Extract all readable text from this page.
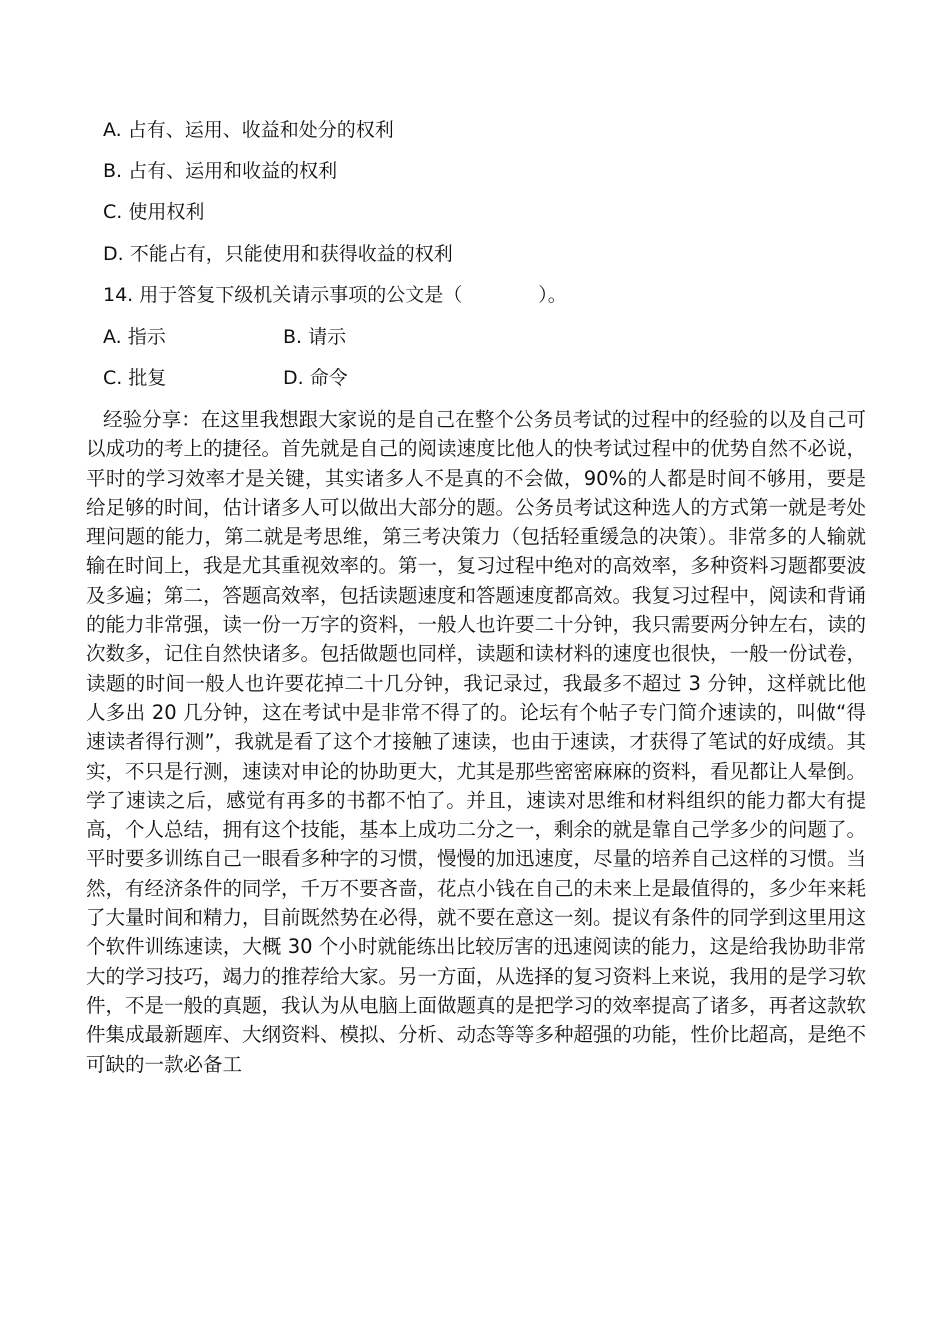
A. 占有、运用、收益和处分的权利
B. 占有、运用和收益的权利
C. 使用权利
D. 不能占有，只能使用和获得收益的权利
14. 用于答复下级机关请示事项的公文是（　　　　）。
A. 指示	B. 请示
C. 批复	D. 命令

经验分享：在这里我想跟大家说的是自己在整个公务员考试的过程中的经验的以及自己可以成功的考上的捷径。首先就是自己的阅读速度比他人的快考试过程中的优势自然不必说，平时的学习效率才是关键，其实诸多人不是真的不会做，90%的人都是时间不够用，要是给足够的时间，估计诸多人可以做出大部分的题。公务员考试这种选人的方式第一就是考处理问题的能力，第二就是考思维，第三考决策力（包括轻重缓急的决策）。非常多的人输就输在时间上，我是尤其重视效率的。第一，复习过程中绝对的高效率，多种资料习题都要波及多遍；第二，答题高效率，包括读题速度和答题速度都高效。我复习过程中，阅读和背诵的能力非常强，读一份一万字的资料，一般人也许要二十分钟，我只需要两分钟左右，读的次数多，记住自然快诸多。包括做题也同样，读题和读材料的速度也很快，一般一份试卷，读题的时间一般人也许要花掉二十几分钟，我记录过，我最多不超过 3 分钟，这样就比他人多出 20 几分钟，这在考试中是非常不得了的。论坛有个帖子专门简介速读的，叫做“得速读者得行测”，我就是看了这个才接触了速读，也由于速读，才获得了笔试的好成绩。其实，不只是行测，速读对申论的协助更大，尤其是那些密密麻麻的资料，看见都让人晕倒。学了速读之后，感觉有再多的书都不怕了。并且，速读对思维和材料组织的能力都大有提高，个人总结，拥有这个技能，基本上成功二分之一，剩余的就是靠自己学多少的问题了。平时要多训练自己一眼看多种字的习惯，慢慢的加迅速度，尽量的培养自己这样的习惯。当然，有经济条件的同学，千万不要吝啬，花点小钱在自己的未来上是最值得的，多少年来耗了大量时间和精力，目前既然势在必得，就不要在意这一刻。提议有条件的同学到这里用这个软件训练速读，大概 30 个小时就能练出比较厉害的迅速阅读的能力，这是给我协助非常大的学习技巧，竭力的推荐给大家。另一方面，从选择的复习资料上来说，我用的是学习软件，不是一般的真题，我认为从电脑上面做题真的是把学习的效率提高了诸多，再者这款软件集成最新题库、大纲资料、模拟、分析、动态等等多种超强的功能，性价比超高，是绝不可缺的一款必备工
